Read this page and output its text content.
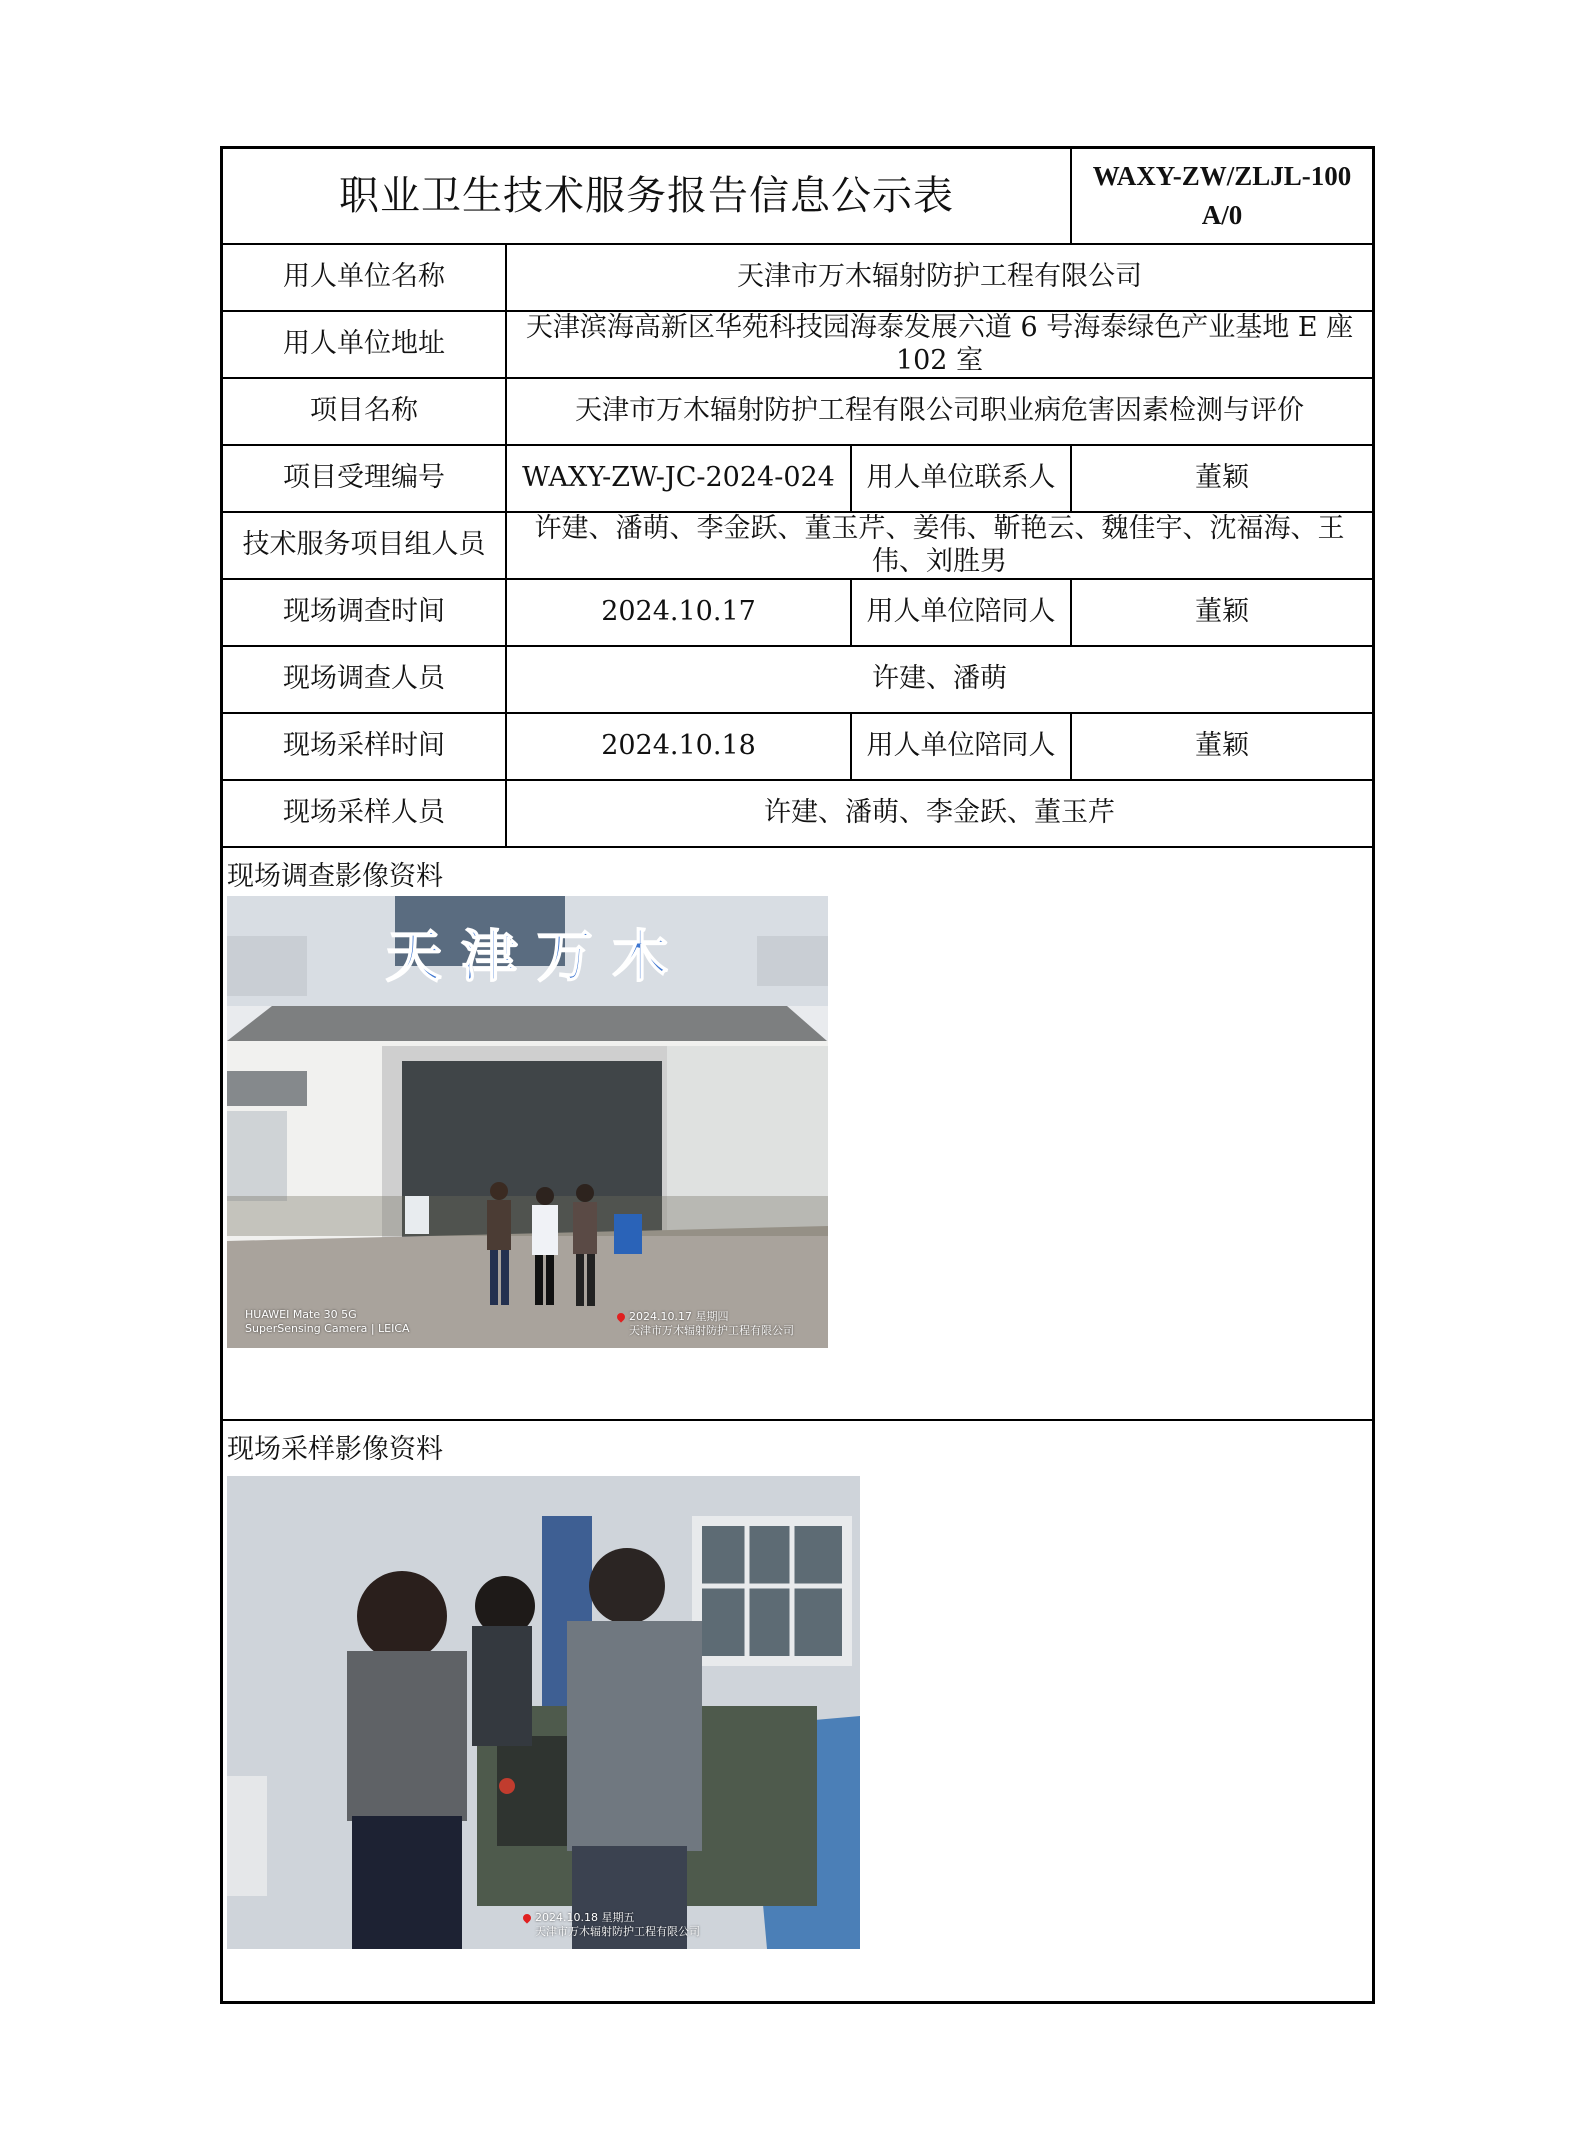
职业卫生技术服务报告信息公示表			WAXY-ZW/ZLJL-100 A/0
用人单位名称	天津市万木辐射防护工程有限公司		
用人单位地址	天津滨海高新区华苑科技园海泰发展六道 6 号海泰绿色产业基地 E 座 102 室		
项目名称	天津市万木辐射防护工程有限公司职业病危害因素检测与评价		
项目受理编号	WAXY-ZW-JC-2024-024	用人单位联系人	董颖
技术服务项目组人员	许建、潘萌、李金跃、董玉芹、姜伟、靳艳云、魏佳宇、沈福海、王伟、刘胜男		
现场调查时间	2024.10.17	用人单位陪同人	董颖
现场调查人员	许建、潘萌		
现场采样时间	2024.10.18	用人单位陪同人	董颖
现场采样人员	许建、潘萌、李金跃、董玉芹		
现场调查影像资料
天 津 万 木
HUAWEI Mate 30 5G
SuperSensing Camera | LEICA
2024.10.17 星期四
天津市万木辐射防护工程有限公司
现场采样影像资料
2024.10.18 星期五
天津市万木辐射防护工程有限公司
